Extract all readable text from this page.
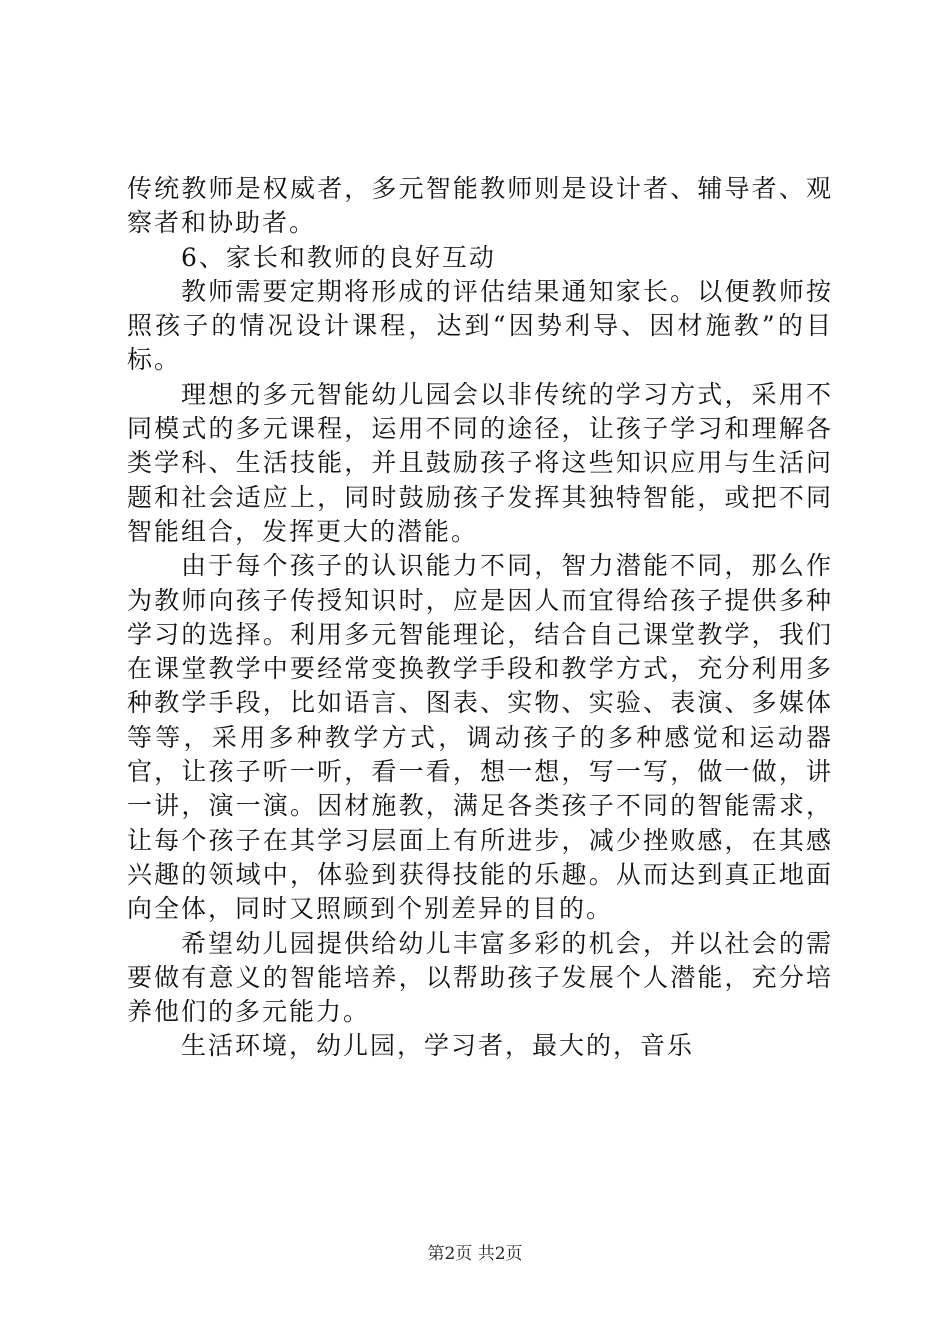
传统教师是权威者，多元智能教师则是设计者、辅导者、观察者和协助者。

6、家长和教师的良好互动

教师需要定期将形成的评估结果通知家长。以便教师按照孩子的情况设计课程，达到“因势利导、因材施教”的目标。

理想的多元智能幼儿园会以非传统的学习方式，采用不同模式的多元课程，运用不同的途径，让孩子学习和理解各类学科、生活技能，并且鼓励孩子将这些知识应用与生活问题和社会适应上，同时鼓励孩子发挥其独特智能，或把不同智能组合，发挥更大的潜能。

由于每个孩子的认识能力不同，智力潜能不同，那么作为教师向孩子传授知识时，应是因人而宜得给孩子提供多种学习的选择。利用多元智能理论，结合自己课堂教学，我们在课堂教学中要经常变换教学手段和教学方式，充分利用多种教学手段，比如语言、图表、实物、实验、表演、多媒体等等，采用多种教学方式，调动孩子的多种感觉和运动器官，让孩子听一听，看一看，想一想，写一写，做一做，讲一讲，演一演。因材施教，满足各类孩子不同的智能需求，让每个孩子在其学习层面上有所进步，减少挫败感，在其感兴趣的领域中，体验到获得技能的乐趣。从而达到真正地面向全体，同时又照顾到个别差异的目的。

希望幼儿园提供给幼儿丰富多彩的机会，并以社会的需要做有意义的智能培养，以帮助孩子发展个人潜能，充分培养他们的多元能力。

生活环境，幼儿园，学习者，最大的，音乐

第2页 共2页
